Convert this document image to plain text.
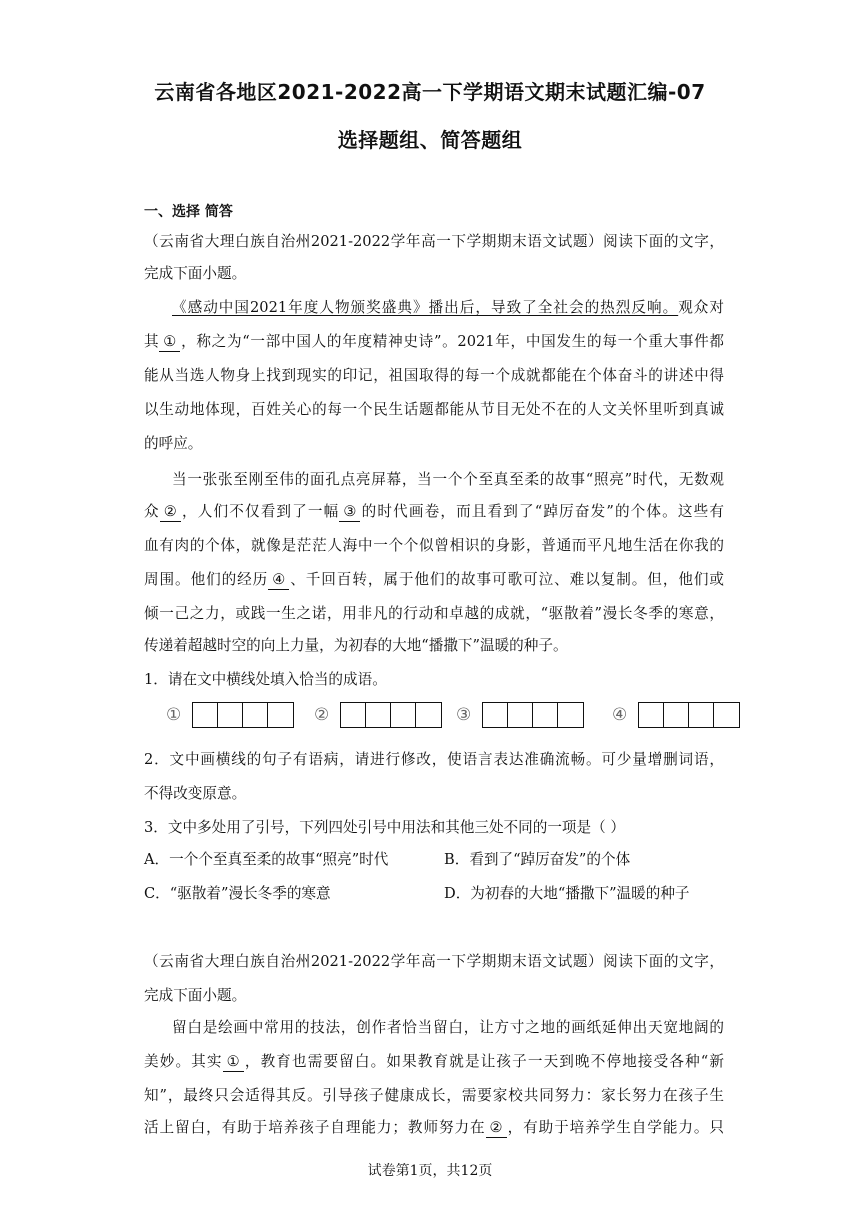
云南省各地区2021-2022高一下学期语文期末试题汇编-07
选择题组、简答题组
一、选择 简答
（云南省大理白族自治州2021-2022学年高一下学期期末语文试题）阅读下面的文字，
完成下面小题。
《感动中国2021年度人物颁奖盛典》播出后，导致了全社会的热烈反响。观众对
其 ① ，称之为“一部中国人的年度精神史诗”。2021年，中国发生的每一个重大事件都
能从当选人物身上找到现实的印记，祖国取得的每一个成就都能在个体奋斗的讲述中得
以生动地体现，百姓关心的每一个民生话题都能从节目无处不在的人文关怀里听到真诚
的呼应。
当一张张至刚至伟的面孔点亮屏幕，当一个个至真至柔的故事“照亮”时代，无数观
众 ② ，人们不仅看到了一幅 ③ 的时代画卷，而且看到了“踔厉奋发”的个体。这些有
血有肉的个体，就像是茫茫人海中一个个似曾相识的身影，普通而平凡地生活在你我的
周围。他们的经历 ④ 、千回百转，属于他们的故事可歌可泣、难以复制。但，他们或
倾一己之力，或践一生之诺，用非凡的行动和卓越的成就，“驱散着”漫长冬季的寒意，
传递着超越时空的向上力量，为初春的大地“播撒下”温暖的种子。
1．请在文中横线处填入恰当的成语。
①	②	③	④
2．文中画横线的句子有语病，请进行修改，使语言表达准确流畅。可少量增删词语，
不得改变原意。
3．文中多处用了引号，下列四处引号中用法和其他三处不同的一项是（ ）
A．一个个至真至柔的故事“照亮”时代	B．看到了“踔厉奋发”的个体
C．“驱散着”漫长冬季的寒意	D．为初春的大地“播撒下”温暖的种子
（云南省大理白族自治州2021-2022学年高一下学期期末语文试题）阅读下面的文字，
完成下面小题。
留白是绘画中常用的技法，创作者恰当留白，让方寸之地的画纸延伸出天宽地阔的
美妙。其实 ① ，教育也需要留白。如果教育就是让孩子一天到晚不停地接受各种“新
知”，最终只会适得其反。引导孩子健康成长，需要家校共同努力：家长努力在孩子生
活上留白，有助于培养孩子自理能力；教师努力在 ② ，有助于培养学生自学能力。只
试卷第1页，共12页
